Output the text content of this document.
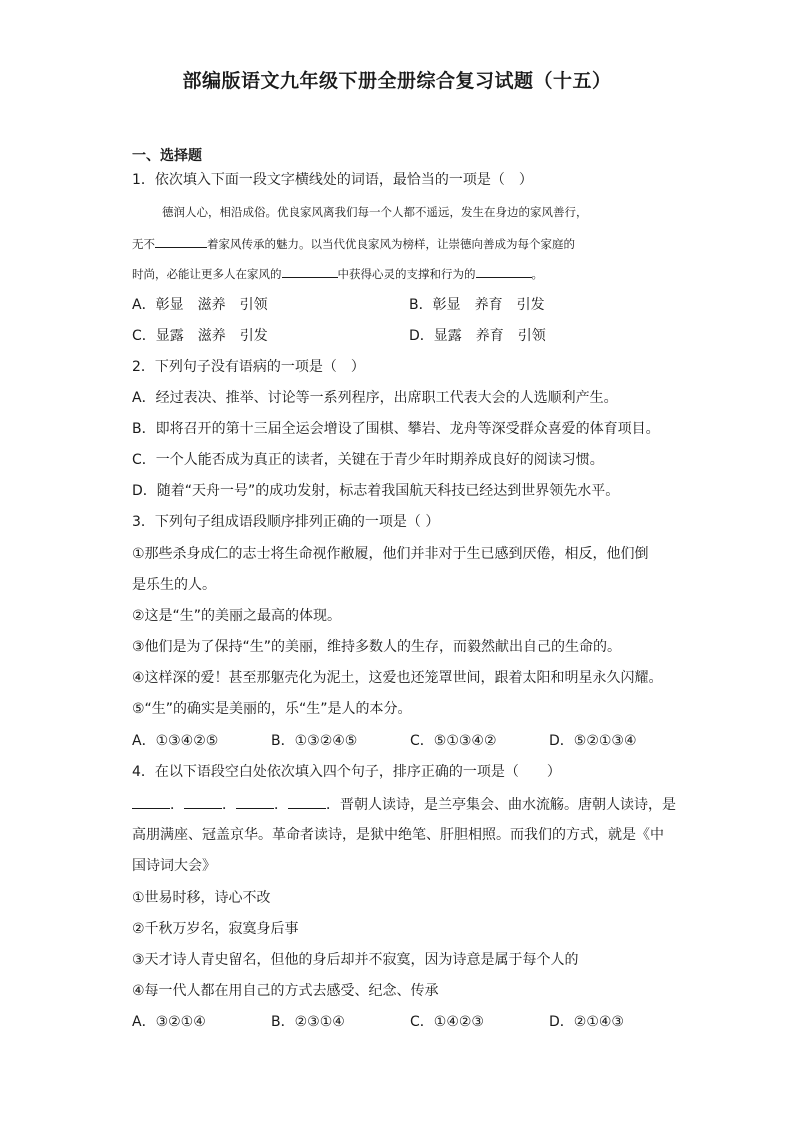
部编版语文九年级下册全册综合复习试题（十五）
一、选择题
1．依次填入下面一段文字横线处的词语，最恰当的一项是（　）
德润人心，相沿成俗。优良家风离我们每一个人都不遥远，发生在身边的家风善行，
无不	着家风传承的魅力。以当代优良家风为榜样，让崇德向善成为每个家庭的
时尚，必能让更多人在家风的	中获得心灵的支撑和行为的	。
A．彰显　滋养　引领	B．彰显　养育　引发
C．显露　滋养　引发	D．显露　养育　引领
2．下列句子没有语病的一项是（　）
A．经过表决、推举、讨论等一系列程序，出席职工代表大会的人选顺利产生。
B．即将召开的第十三届全运会增设了围棋、攀岩、龙舟等深受群众喜爱的体育项目。
C．一个人能否成为真正的读者，关键在于青少年时期养成良好的阅读习惯。
D．随着“天舟一号”的成功发射，标志着我国航天科技已经达到世界领先水平。
3．下列句子组成语段顺序排列正确的一项是（ ）
①那些杀身成仁的志士将生命视作敝履，他们并非对于生已感到厌倦，相反，他们倒
是乐生的人。
②这是“生”的美丽之最高的体现。
③他们是为了保持“生”的美丽，维持多数人的生存，而毅然献出自己的生命的。
④这样深的爱！甚至那躯壳化为泥土，这爱也还笼罩世间，跟着太阳和明星永久闪耀。
⑤“生”的确实是美丽的，乐“生”是人的本分。
A．①③④②⑤	B．①③②④⑤	C．⑤①③④②	D．⑤②①③④
4．在以下语段空白处依次填入四个句子，排序正确的一项是（　　）
．	．	．	．晋朝人读诗，是兰亭集会、曲水流觞。唐朝人读诗，是
高朋满座、冠盖京华。革命者读诗，是狱中绝笔、肝胆相照。而我们的方式，就是《中
国诗词大会》
①世易时移，诗心不改
②千秋万岁名，寂寞身后事
③天才诗人青史留名，但他的身后却并不寂寞，因为诗意是属于每个人的
④每一代人都在用自己的方式去感受、纪念、传承
A．③②①④	B．②③①④	C．①④②③	D．②①④③
